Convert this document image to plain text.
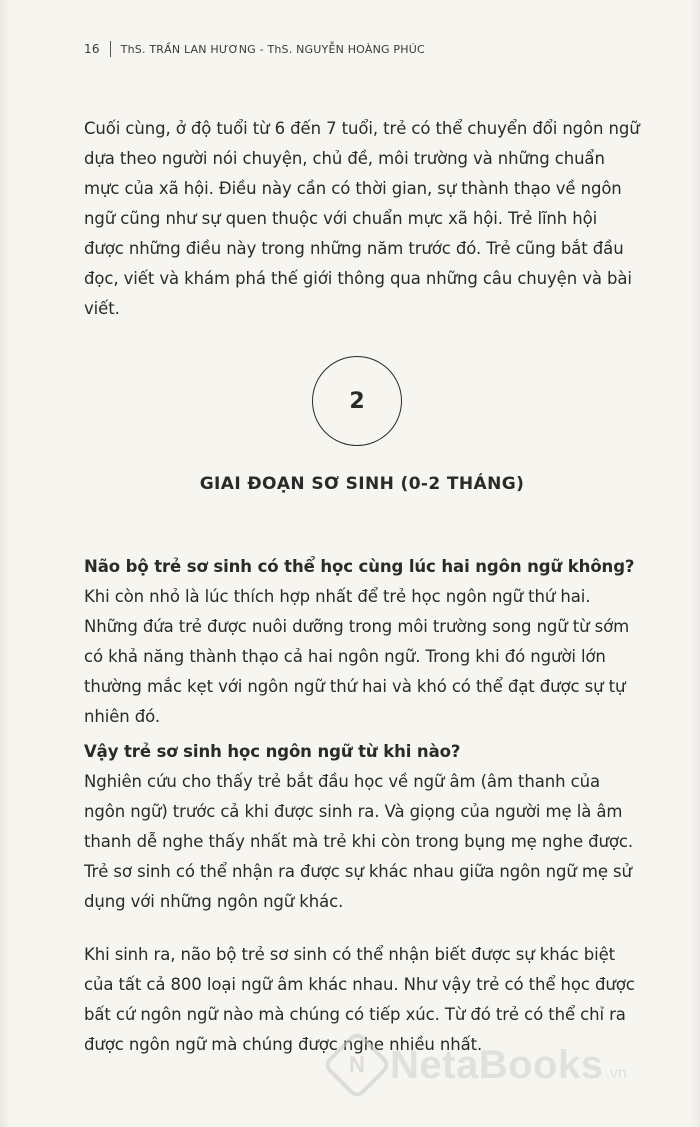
16 ThS. TRẦN LAN HƯƠNG - ThS. NGUYỄN HOÀNG PHÚC

Cuối cùng, ở độ tuổi từ 6 đến 7 tuổi, trẻ có thể chuyển đổi ngôn ngữ dựa theo người nói chuyện, chủ đề, môi trường và những chuẩn mực của xã hội. Điều này cần có thời gian, sự thành thạo về ngôn ngữ cũng như sự quen thuộc với chuẩn mực xã hội. Trẻ lĩnh hội được những điều này trong những năm trước đó. Trẻ cũng bắt đầu đọc, viết và khám phá thế giới thông qua những câu chuyện và bài viết.

2
GIAI ĐOẠN SƠ SINH (0-2 THÁNG)
Não bộ trẻ sơ sinh có thể học cùng lúc hai ngôn ngữ không?

Khi còn nhỏ là lúc thích hợp nhất để trẻ học ngôn ngữ thứ hai. Những đứa trẻ được nuôi dưỡng trong môi trường song ngữ từ sớm có khả năng thành thạo cả hai ngôn ngữ. Trong khi đó người lớn thường mắc kẹt với ngôn ngữ thứ hai và khó có thể đạt được sự tự nhiên đó.

Vậy trẻ sơ sinh học ngôn ngữ từ khi nào?

Nghiên cứu cho thấy trẻ bắt đầu học về ngữ âm (âm thanh của ngôn ngữ) trước cả khi được sinh ra. Và giọng của người mẹ là âm thanh dễ nghe thấy nhất mà trẻ khi còn trong bụng mẹ nghe được. Trẻ sơ sinh có thể nhận ra được sự khác nhau giữa ngôn ngữ mẹ sử dụng với những ngôn ngữ khác.

Khi sinh ra, não bộ trẻ sơ sinh có thể nhận biết được sự khác biệt của tất cả 800 loại ngữ âm khác nhau. Như vậy trẻ có thể học được bất cứ ngôn ngữ nào mà chúng có tiếp xúc. Từ đó trẻ có thể chỉ ra được ngôn ngữ mà chúng được nghe nhiều nhất.

N NetaBooks .vn
